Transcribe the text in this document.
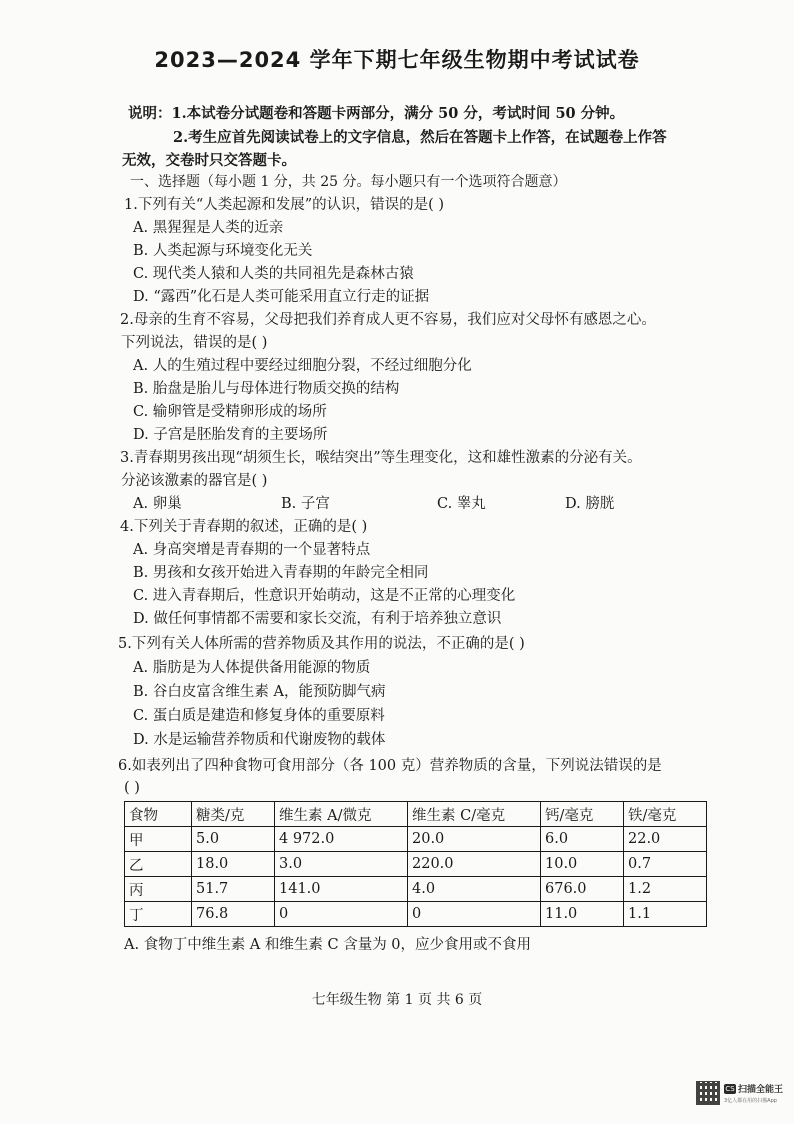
2023—2024 学年下期七年级生物期中考试试卷
说明：1.本试卷分试题卷和答题卡两部分，满分 50 分，考试时间 50 分钟。
2.考生应首先阅读试卷上的文字信息，然后在答题卡上作答，在试题卷上作答
无效，交卷时只交答题卡。
一、选择题（每小题 1 分，共 25 分。每小题只有一个选项符合题意）
1.下列有关“人类起源和发展”的认识，错误的是( )
A. 黑猩猩是人类的近亲
B. 人类起源与环境变化无关
C. 现代类人猿和人类的共同祖先是森林古猿
D. “露西”化石是人类可能采用直立行走的证据
2.母亲的生育不容易，父母把我们养育成人更不容易，我们应对父母怀有感恩之心。
下列说法，错误的是( )
A. 人的生殖过程中要经过细胞分裂，不经过细胞分化
B. 胎盘是胎儿与母体进行物质交换的结构
C. 输卵管是受精卵形成的场所
D. 子宫是胚胎发育的主要场所
3.青春期男孩出现“胡须生长，喉结突出”等生理变化，这和雄性激素的分泌有关。
分泌该激素的器官是( )
A. 卵巢	B. 子宫	C. 睾丸	D. 膀胱
4.下列关于青春期的叙述，正确的是( )
A. 身高突增是青春期的一个显著特点
B. 男孩和女孩开始进入青春期的年龄完全相同
C. 进入青春期后，性意识开始萌动，这是不正常的心理变化
D. 做任何事情都不需要和家长交流，有利于培养独立意识
5.下列有关人体所需的营养物质及其作用的说法，不正确的是( )
A. 脂肪是为人体提供备用能源的物质
B. 谷白皮富含维生素 A，能预防脚气病
C. 蛋白质是建造和修复身体的重要原料
D. 水是运输营养物质和代谢废物的载体
6.如表列出了四种食物可食用部分（各 100 克）营养物质的含量，下列说法错误的是
( )
食物	糖类/克	维生素 A/微克	维生素 C/毫克	钙/毫克	铁/毫克
甲	5.0	4 972.0	20.0	6.0	22.0
乙	18.0	3.0	220.0	10.0	0.7
丙	51.7	141.0	4.0	676.0	1.2
丁	76.8	0	0	11.0	1.1
A. 食物丁中维生素 A 和维生素 C 含量为 0，应少食用或不食用
七年级生物 第 1 页 共 6 页
CS 扫描全能王
3亿人都在用的扫描App
